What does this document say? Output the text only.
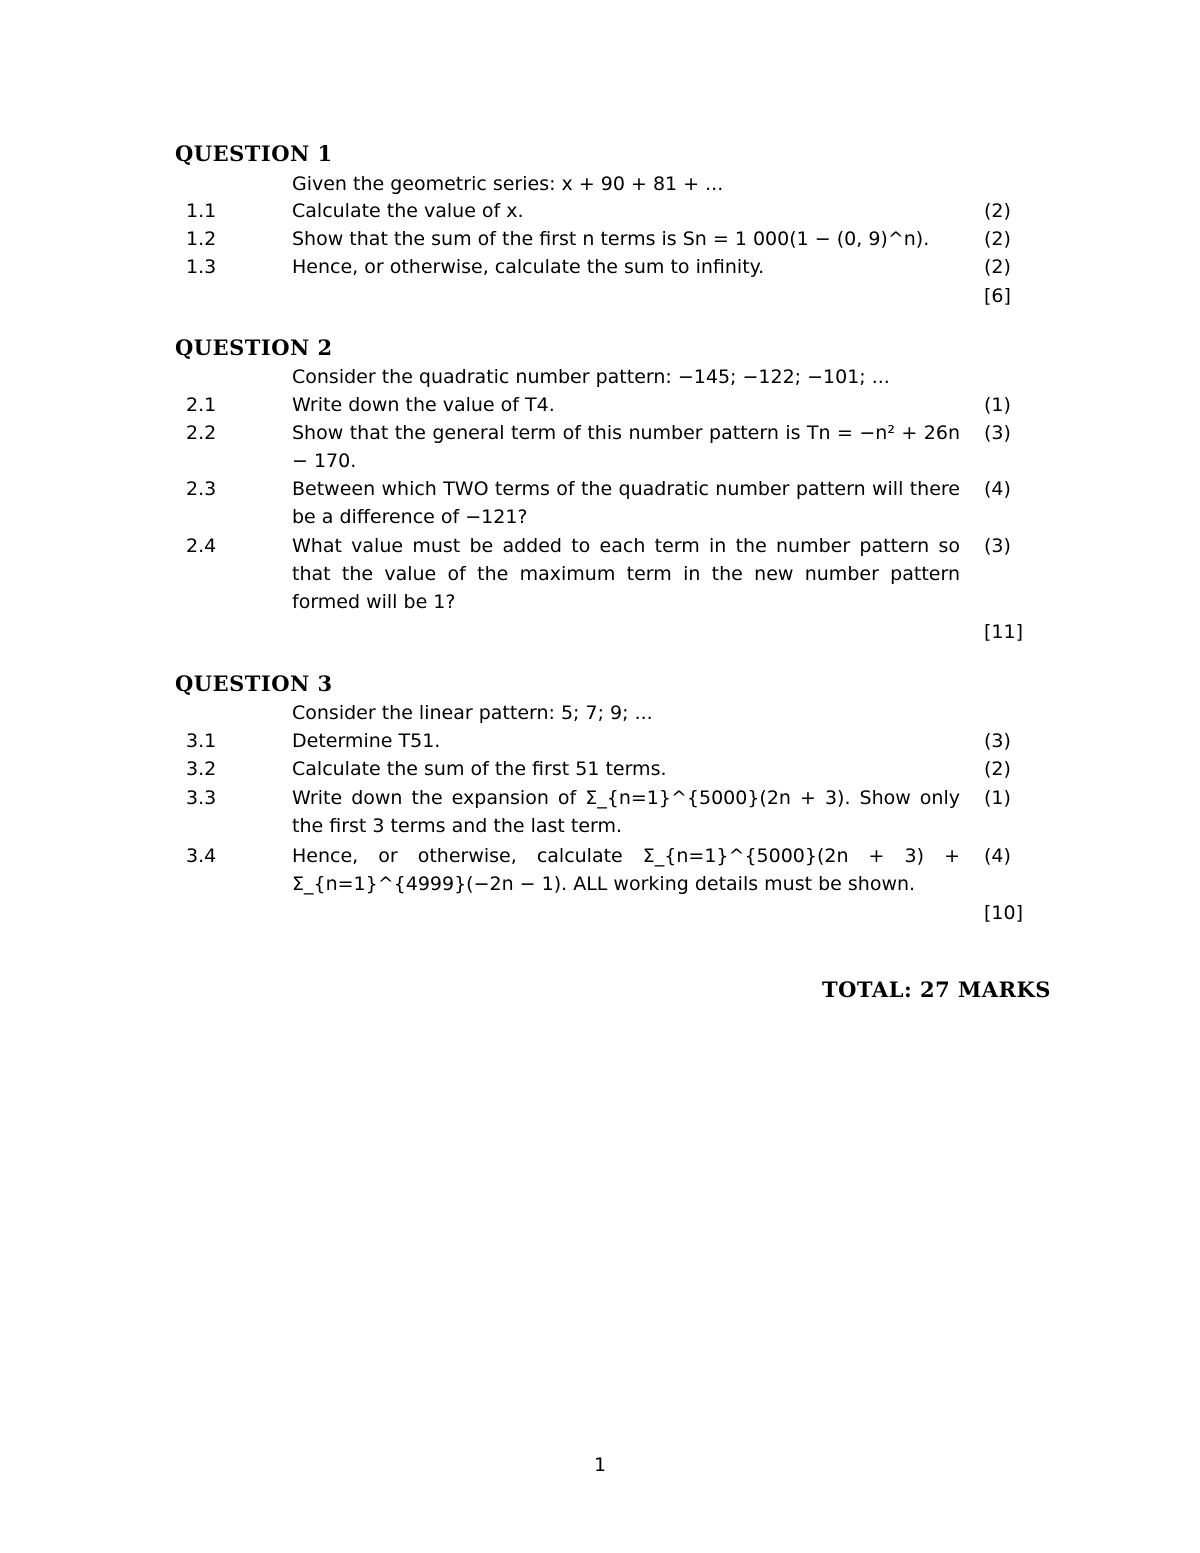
QUESTION 1
Given the geometric series: x + 90 + 81 + ...
1.1	Calculate the value of x.	(2)
1.2	Show that the sum of the first n terms is Sn = 1 000(1 − (0, 9)^n).	(2)
1.3	Hence, or otherwise, calculate the sum to infinity.	(2)
[6]
QUESTION 2
Consider the quadratic number pattern: −145; −122; −101; ...
2.1	Write down the value of T4.	(1)
2.2	Show that the general term of this number pattern is Tn = −n² + 26n − 170.
(3)
2.3	Between which TWO terms of the quadratic number pattern will there be a difference of −121?
(4)
2.4	What value must be added to each term in the number pattern so that the value of the maximum term in the new number pattern formed will be 1?
(3)
[11]
QUESTION 3
Consider the linear pattern: 5; 7; 9; ...
3.1	Determine T51.	(3)
3.2	Calculate the sum of the first 51 terms.	(2)
3.3	Write down the expansion of Σ_{n=1}^{5000}(2n + 3). Show only the first 3 terms and the last term.
(1)
3.4	Hence, or otherwise, calculate Σ_{n=1}^{5000}(2n + 3) + Σ_{n=1}^{4999}(−2n − 1). ALL working details must be shown.
(4)
[10]
TOTAL: 27 MARKS
1
